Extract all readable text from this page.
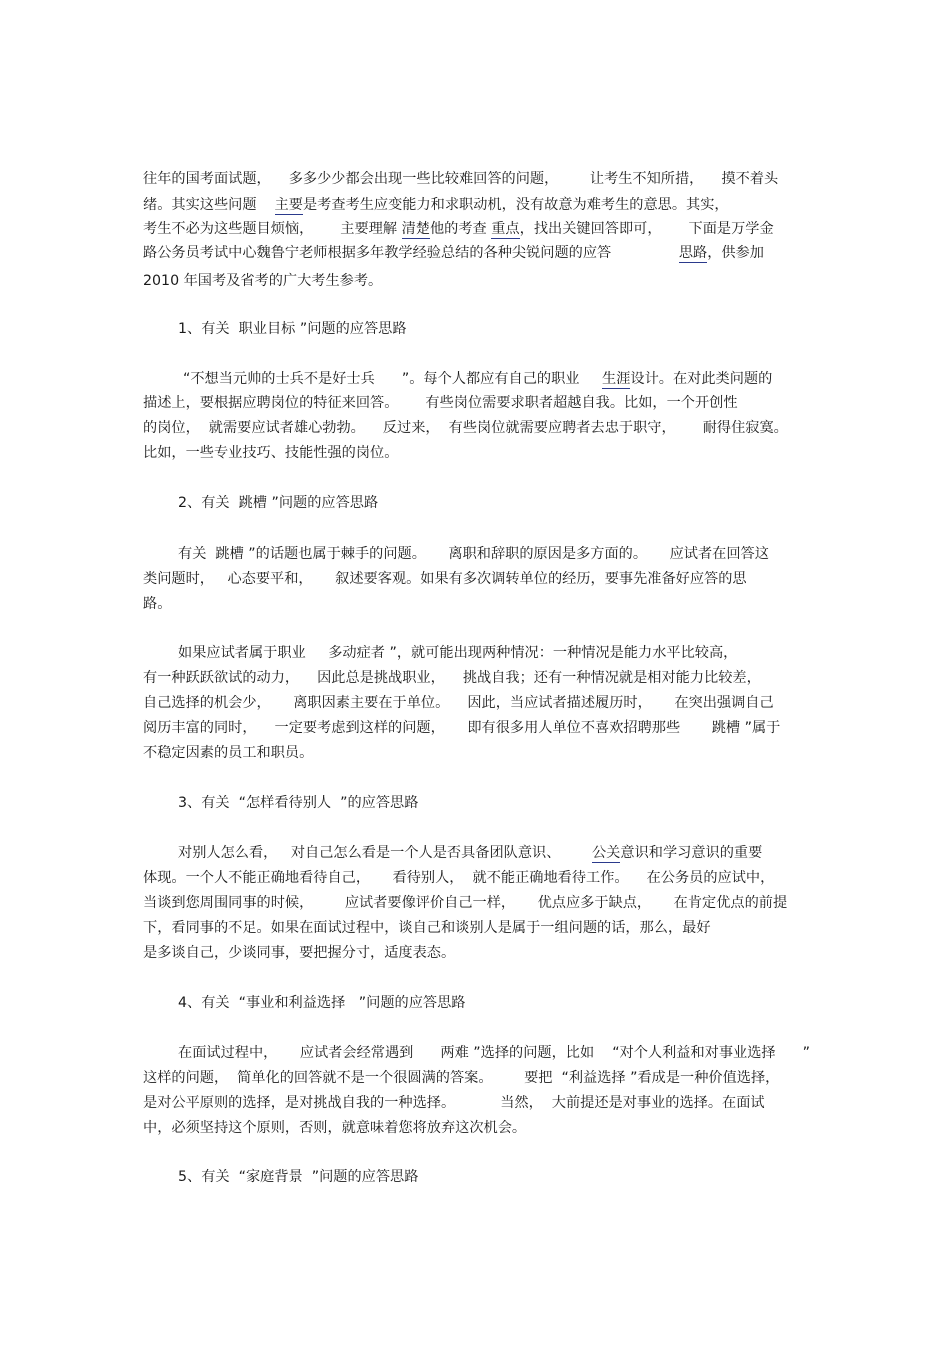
往年的国考面试题，    多多少少都会出现一些比较难回答的问题，       让考生不知所措，    摸不着头
绪。其实这些问题    主要是考查考生应变能力和求职动机，没有故意为难考生的意思。其实，
考生不必为这些题目烦恼，      主要理解 清楚他的考查 重点，找出关键回答即可，      下面是万学金
路公务员考试中心魏鲁宁老师根据多年教学经验总结的各种尖锐问题的应答               思路，供参加
2010 年国考及省考的广大考生参考。
1、有关  职业目标 ”问题的应答思路
“不想当元帅的士兵不是好士兵      ”。每个人都应有自己的职业     生涯设计。在对此类问题的
描述上，要根据应聘岗位的特征来回答。      有些岗位需要求职者超越自我。比如，一个开创性
的岗位，  就需要应试者雄心勃勃。    反过来，  有些岗位就需要应聘者去忠于职守，      耐得住寂寞。
比如，一些专业技巧、技能性强的岗位。
2、有关  跳槽 ”问题的应答思路
有关  跳槽 ”的话题也属于棘手的问题。     离职和辞职的原因是多方面的。     应试者在回答这
类问题时，   心态要平和，     叙述要客观。如果有多次调转单位的经历，要事先准备好应答的思
路。
如果应试者属于职业     多动症者 ”，就可能出现两种情况：一种情况是能力水平比较高，
有一种跃跃欲试的动力，    因此总是挑战职业，    挑战自我；还有一种情况就是相对能力比较差，
自己选择的机会少，     离职因素主要在于单位。    因此，当应试者描述履历时，     在突出强调自己
阅历丰富的同时，    一定要考虑到这样的问题，     即有很多用人单位不喜欢招聘那些       跳槽 ”属于
不稳定因素的员工和职员。
3、有关  “怎样看待别人  ”的应答思路
对别人怎么看，   对自己怎么看是一个人是否具备团队意识、       公关意识和学习意识的重要
体现。一个人不能正确地看待自己，     看待别人，  就不能正确地看待工作。    在公务员的应试中，
当谈到您周围同事的时候，       应试者要像评价自己一样，     优点应多于缺点，     在肯定优点的前提
下，看同事的不足。如果在面试过程中，谈自己和谈别人是属于一组问题的话，那么，最好
是多谈自己，少谈同事，要把握分寸，适度表态。
4、有关  “事业和利益选择   ”问题的应答思路
在面试过程中，     应试者会经常遇到      两难 ”选择的问题，比如    “对个人利益和对事业选择      ”
这样的问题，  简单化的回答就不是一个很圆满的答案。       要把  “利益选择 ”看成是一种价值选择，
是对公平原则的选择，是对挑战自我的一种选择。          当然，  大前提还是对事业的选择。在面试
中，必须坚持这个原则，否则，就意味着您将放弃这次机会。
5、有关  “家庭背景  ”问题的应答思路
